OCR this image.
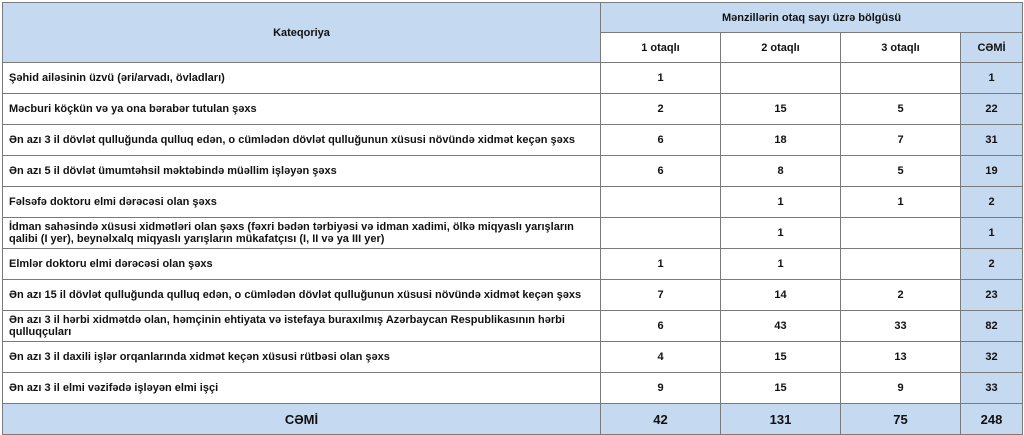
Kateqoriya	Mənzillərin otaq sayı üzrə bölgüsü			
	1 otaqlı	2 otaqlı	3 otaqlı	CƏMİ
Şəhid ailəsinin üzvü (əri/arvadı, övladları)	1			1
Məcburi köçkün və ya ona bərabər tutulan şəxs	2	15	5	22
Ən azı 3 il dövlət qulluğunda qulluq edən, o cümlədən dövlət qulluğunun xüsusi növündə xidmət keçən şəxs	6	18	7	31
Ən azı 5 il dövlət ümumtəhsil məktəbində müəllim işləyən şəxs	6	8	5	19
Fəlsəfə doktoru elmi dərəcəsi olan şəxs		1	1	2
İdman sahəsində xüsusi xidmətləri olan şəxs (fəxri bədən tərbiyəsi və idman xadimi, ölkə miqyaslı yarışların qalibi (I yer), beynəlxalq miqyaslı yarışların mükafatçısı (I, II və ya III yer)		1		1
Elmlər doktoru elmi dərəcəsi olan şəxs	1	1		2
Ən azı 15 il dövlət qulluğunda qulluq edən, o cümlədən dövlət qulluğunun xüsusi növündə xidmət keçən şəxs	7	14	2	23
Ən azı 3 il hərbi xidmətdə olan, həmçinin ehtiyata və istefaya buraxılmış Azərbaycan Respublikasının hərbi qulluqçuları	6	43	33	82
Ən azı 3 il daxili işlər orqanlarında xidmət keçən xüsusi rütbəsi olan şəxs	4	15	13	32
Ən azı 3 il elmi vəzifədə işləyən elmi işçi	9	15	9	33
CƏMİ	42	131	75	248
